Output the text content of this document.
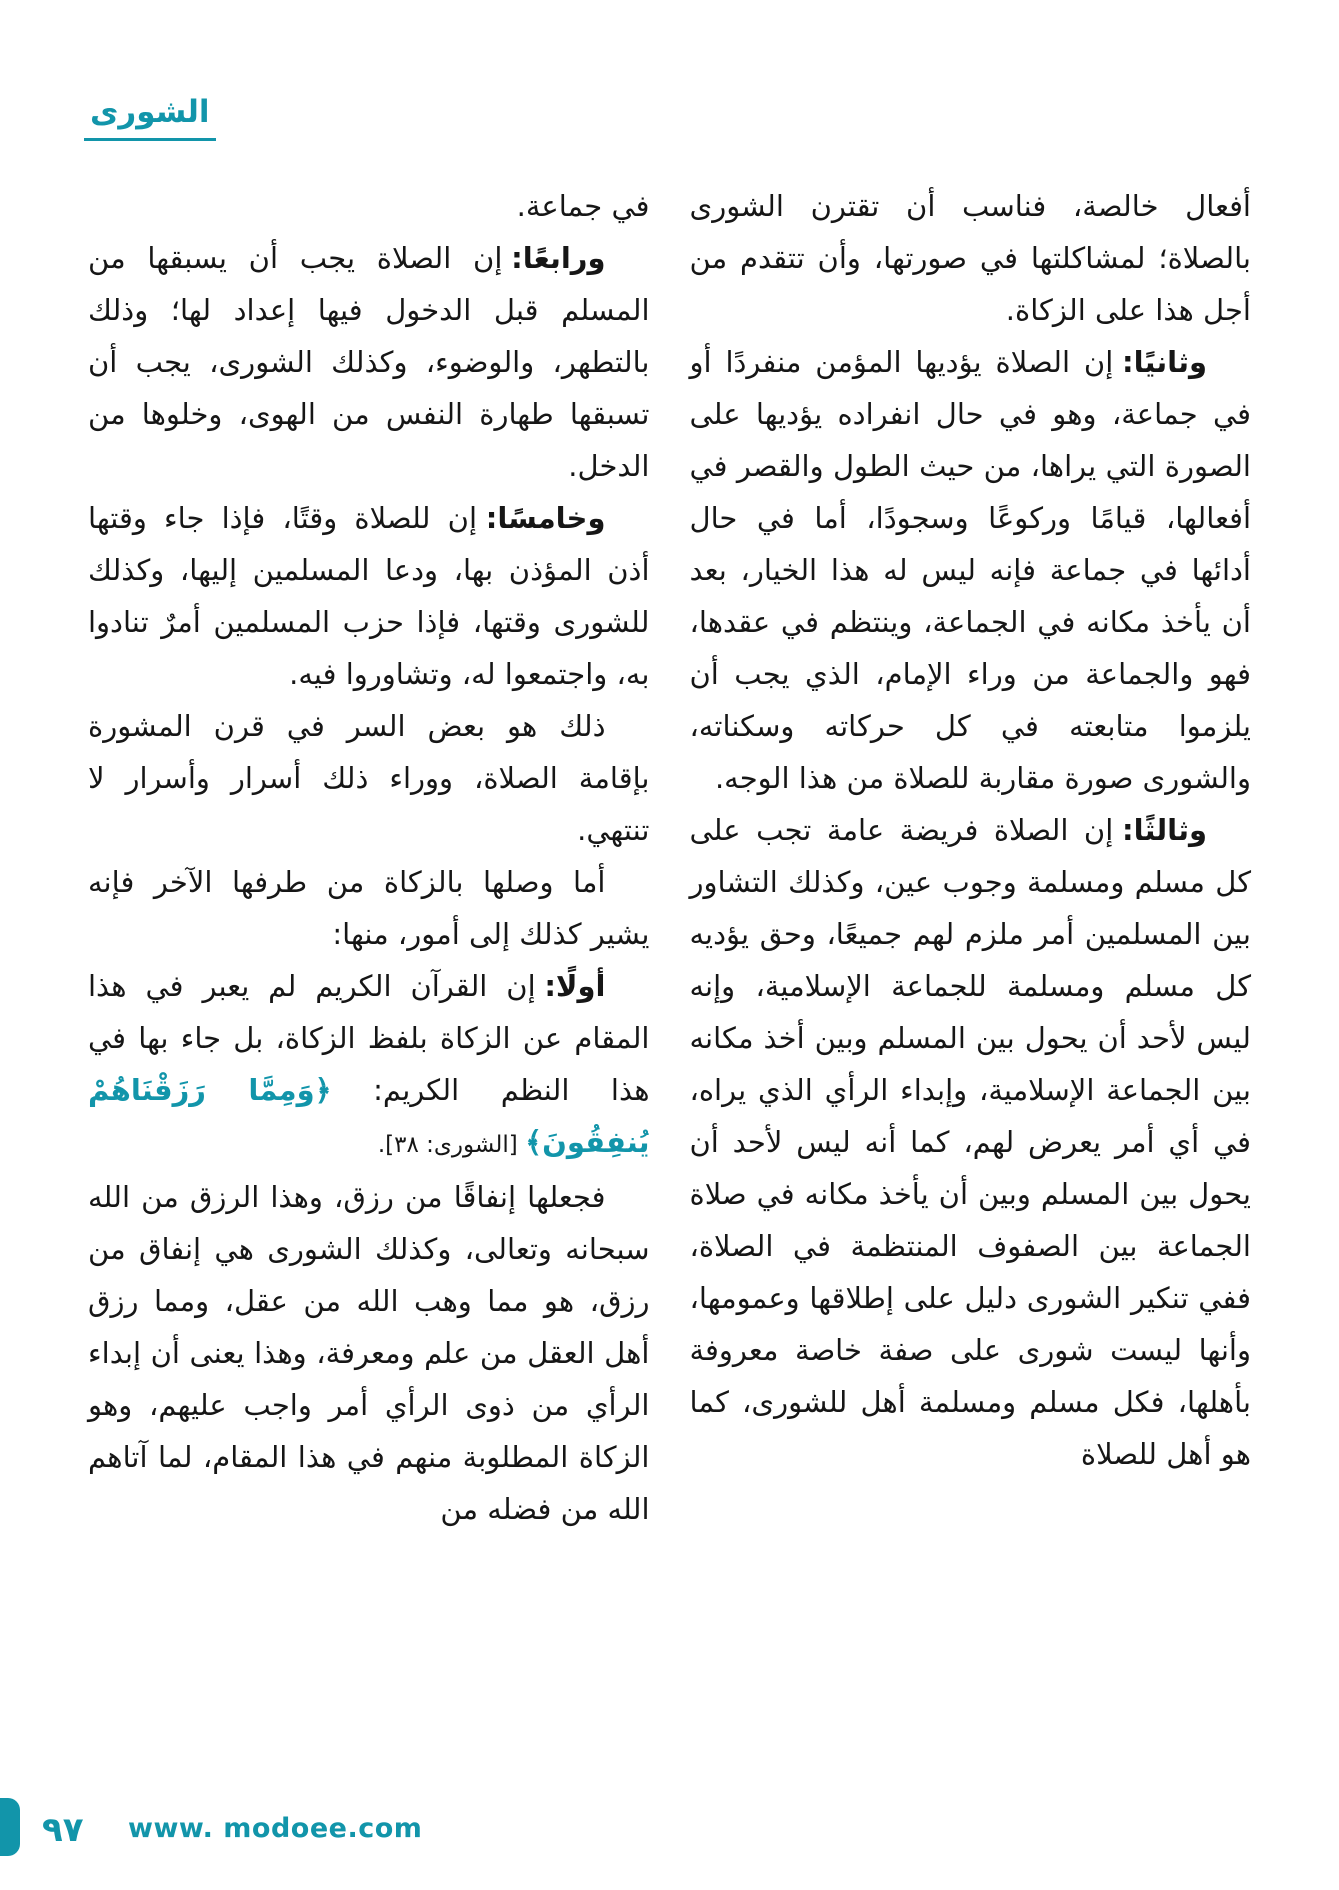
الشورى

أفعال خالصة، فناسب أن تقترن الشورى بالصلاة؛ لمشاكلتها في صورتها، وأن تتقدم من أجل هذا على الزكاة.

وثانيًا:إن الصلاة يؤديها المؤمن منفردًا أو في جماعة، وهو في حال انفراده يؤديها على الصورة التي يراها، من حيث الطول والقصر في أفعالها، قيامًا وركوعًا وسجودًا، أما في حال أدائها في جماعة فإنه ليس له هذا الخيار، بعد أن يأخذ مكانه في الجماعة، وينتظم في عقدها، فهو والجماعة من وراء الإمام، الذي يجب أن يلزموا متابعته في كل حركاته وسكناته، والشورى صورة مقاربة للصلاة من هذا الوجه.

وثالثًا:إن الصلاة فريضة عامة تجب على كل مسلم ومسلمة وجوب عين، وكذلك التشاور بين المسلمين أمر ملزم لهم جميعًا، وحق يؤديه كل مسلم ومسلمة للجماعة الإسلامية، وإنه ليس لأحد أن يحول بين المسلم وبين أخذ مكانه بين الجماعة الإسلامية، وإبداء الرأي الذي يراه، في أي أمر يعرض لهم، كما أنه ليس لأحد أن يحول بين المسلم وبين أن يأخذ مكانه في صلاة الجماعة بين الصفوف المنتظمة في الصلاة، ففي تنكير الشورى دليل على إطلاقها وعمومها، وأنها ليست شورى على صفة خاصة معروفة بأهلها، فكل مسلم ومسلمة أهل للشورى، كما هو أهل للصلاة

في جماعة.

ورابعًا:إن الصلاة يجب أن يسبقها من المسلم قبل الدخول فيها إعداد لها؛ وذلك بالتطهر، والوضوء، وكذلك الشورى، يجب أن تسبقها طهارة النفس من الهوى، وخلوها من الدخل.

وخامسًا:إن للصلاة وقتًا، فإذا جاء وقتها أذن المؤذن بها، ودعا المسلمين إليها، وكذلك للشورى وقتها، فإذا حزب المسلمين أمرٌ تنادوا به، واجتمعوا له، وتشاوروا فيه.

ذلك هو بعض السر في قرن المشورة بإقامة الصلاة، ووراء ذلك أسرار وأسرار لا تنتهي.

أما وصلها بالزكاة من طرفها الآخر فإنه يشير كذلك إلى أمور، منها:

أولًا:إن القرآن الكريم لم يعبر في هذا المقام عن الزكاة بلفظ الزكاة، بل جاء بها في هذا النظم الكريم: ﴿وَمِمَّا رَزَقْنَاهُمْ يُنفِقُونَ﴾ [الشورى: ٣٨].

فجعلها إنفاقًا من رزق، وهذا الرزق من الله سبحانه وتعالى، وكذلك الشورى هي إنفاق من رزق، هو مما وهب الله من عقل، ومما رزق أهل العقل من علم ومعرفة، وهذا يعنى أن إبداء الرأي من ذوى الرأي أمر واجب عليهم، وهو الزكاة المطلوبة منهم في هذا المقام، لما آتاهم الله من فضله من

٩٧ www. modoee.com
